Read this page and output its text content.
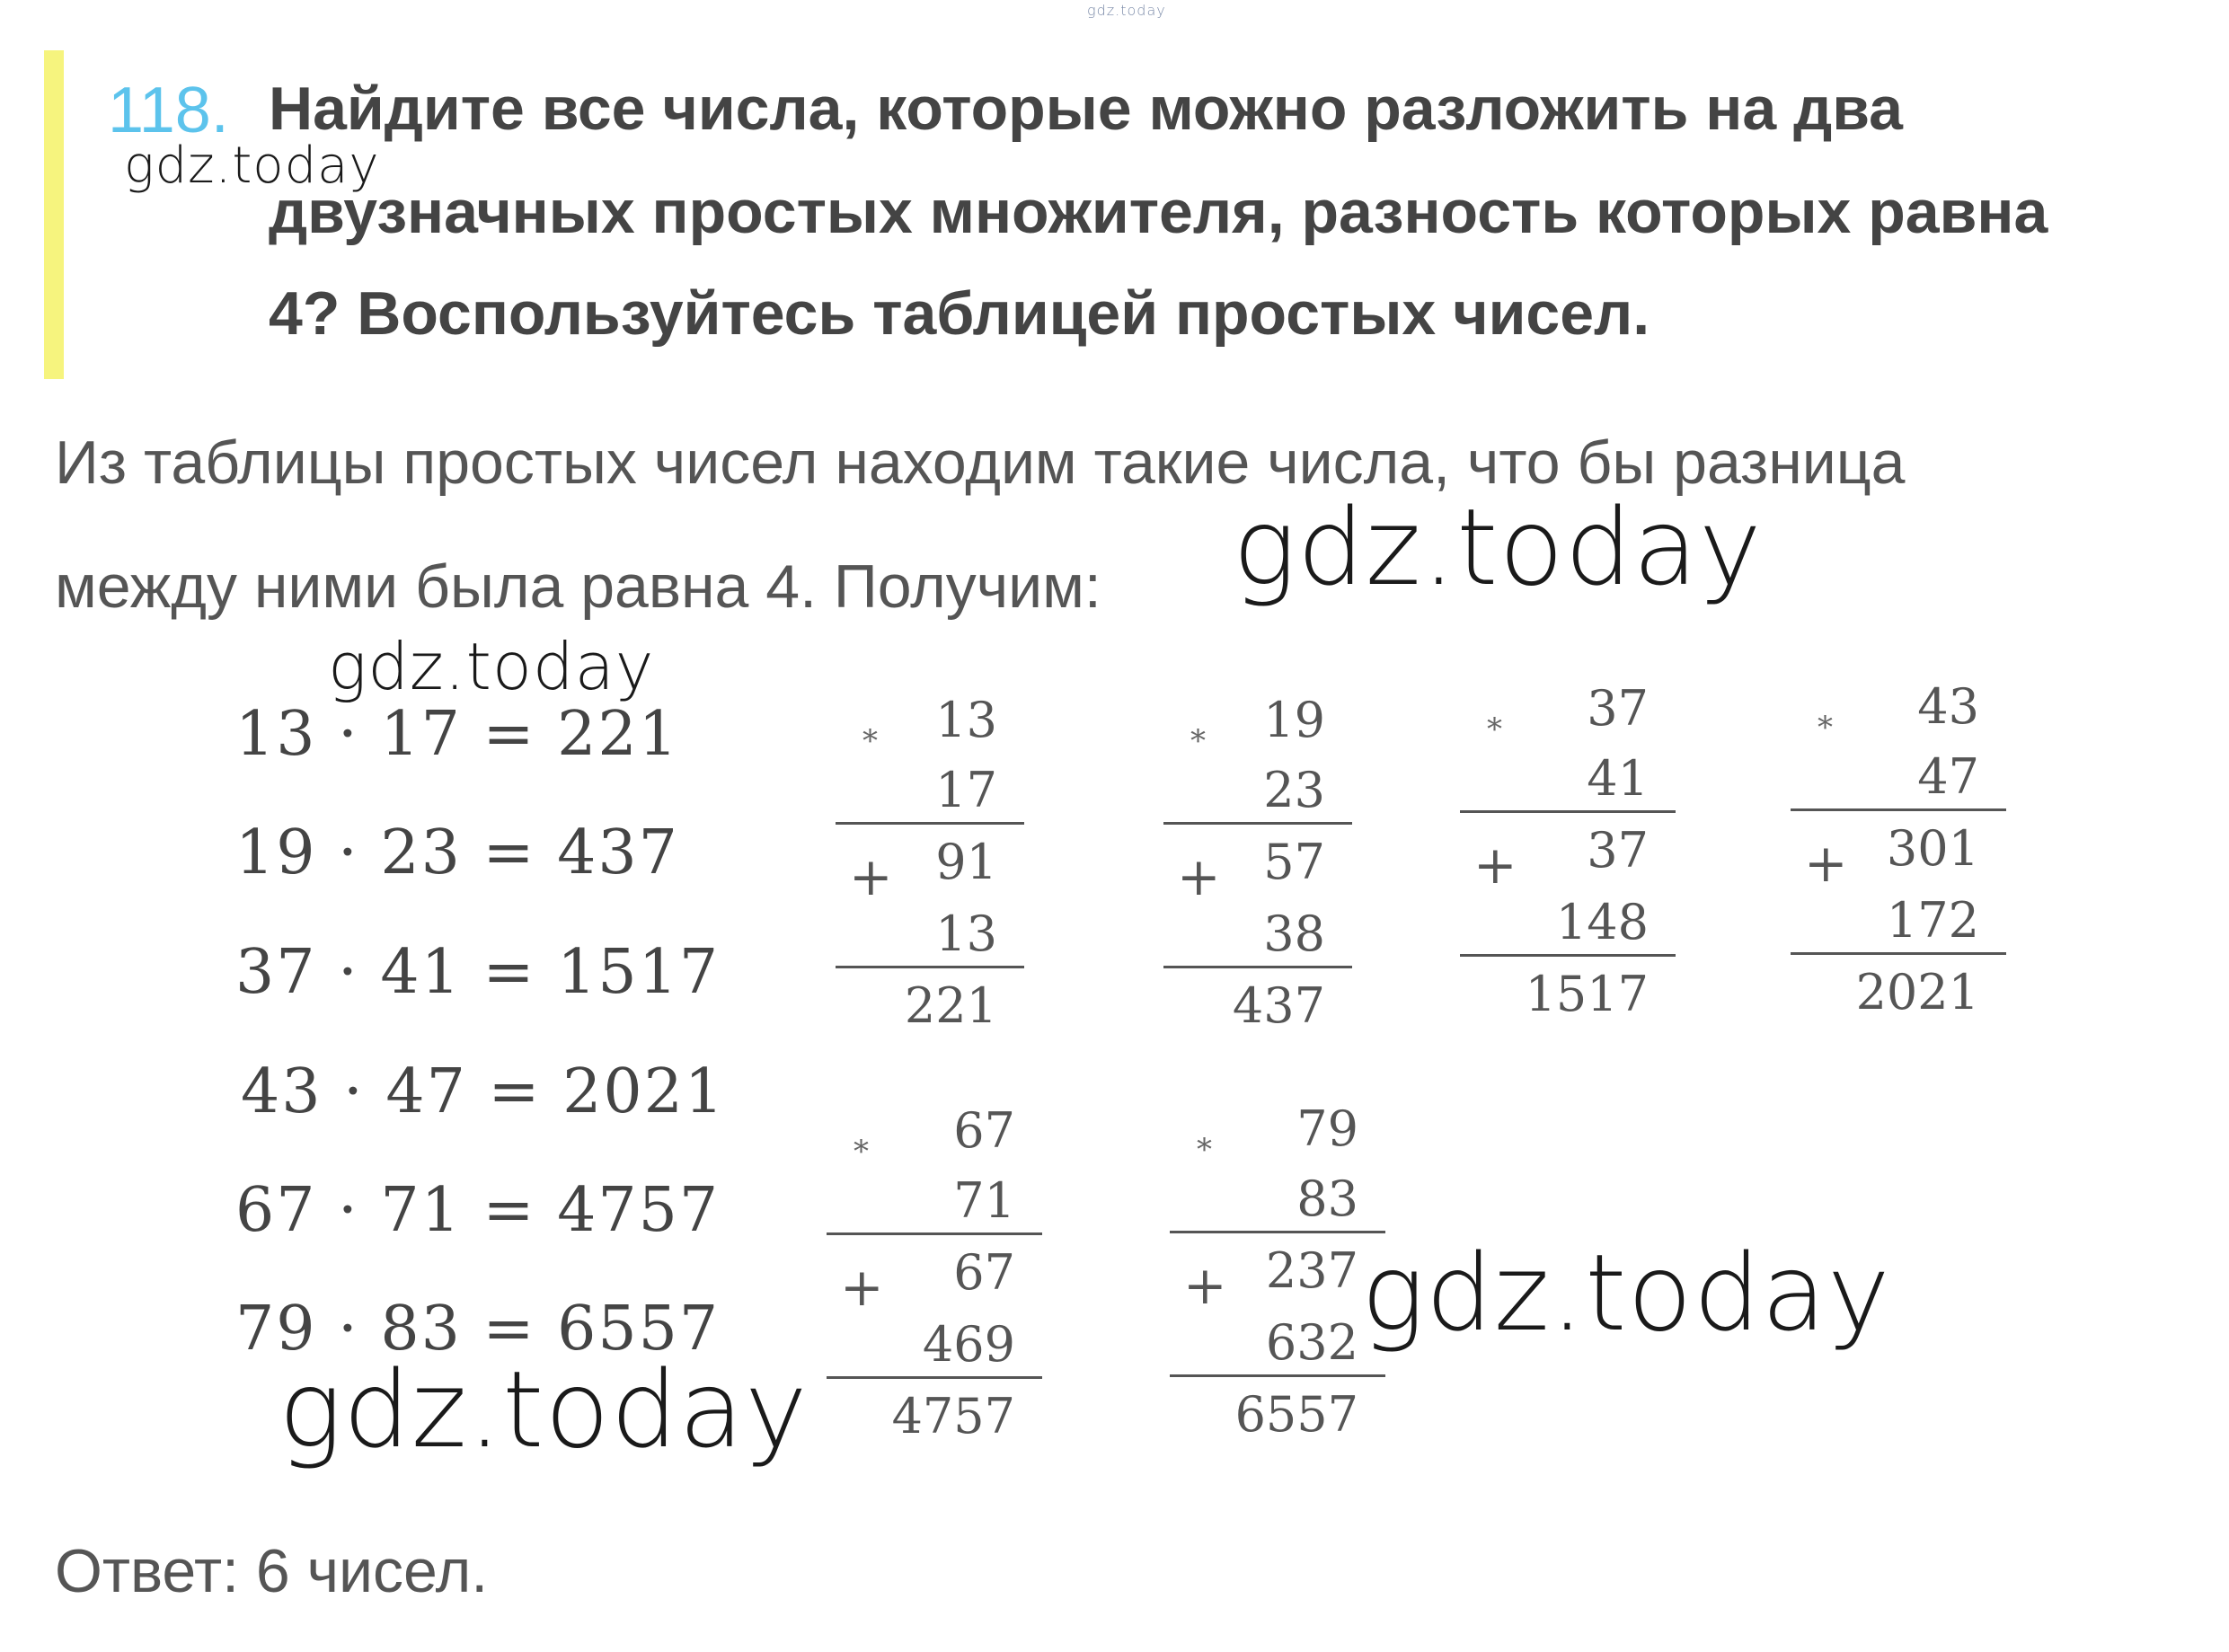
gdz.today
118. Найдите все числа, которые можно разложить на два
двузначных простых множителя, разность которых равна
4? Воспользуйтесь таблицей простых чисел.
gdz.today
Из таблицы простых чисел находим такие числа, что бы разница
между ними была равна 4. Получим: gdz.today
gdz.today
13 · 17 = 221
19 · 23 = 437
37 · 41 = 1517
43 · 47 = 2021
67 · 71 = 4757
79 · 83 = 6557
* 13
17
91
+
13
221
* 19
23
57
+
38
437
* 37
41
37
+
148
1517
* 43
47
301
+
172
2021
* 67
71
67
+
469
4757
* 79
83
237
+
632
6557
gdz.today
gdz.today
Ответ: 6 чисел.
